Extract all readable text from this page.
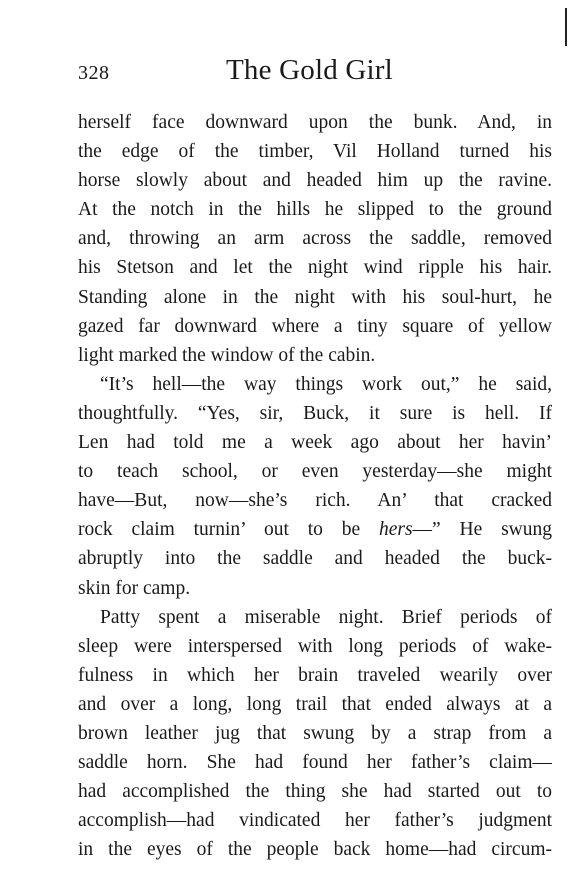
328	The Gold Girl
herself face downward upon the bunk. And, in
the edge of the timber, Vil Holland turned his
horse slowly about and headed him up the ravine.
At the notch in the hills he slipped to the ground
and, throwing an arm across the saddle, removed
his Stetson and let the night wind ripple his hair.
Standing alone in the night with his soul-hurt, he
gazed far downward where a tiny square of yellow
light marked the window of the cabin.
“It’s hell—the way things work out,” he said,
thoughtfully. “Yes, sir, Buck, it sure is hell. If
Len had told me a week ago about her havin’
to teach school, or even yesterday—she might
have—But, now—she’s rich. An’ that cracked
rock claim turnin’ out to be hers—” He swung
abruptly into the saddle and headed the buck-
skin for camp.
Patty spent a miserable night. Brief periods of
sleep were interspersed with long periods of wake-
fulness in which her brain traveled wearily over
and over a long, long trail that ended always at a
brown leather jug that swung by a strap from a
saddle horn. She had found her father’s claim—
had accomplished the thing she had started out to
accomplish—had vindicated her father’s judgment
in the eyes of the people back home—had circum-
